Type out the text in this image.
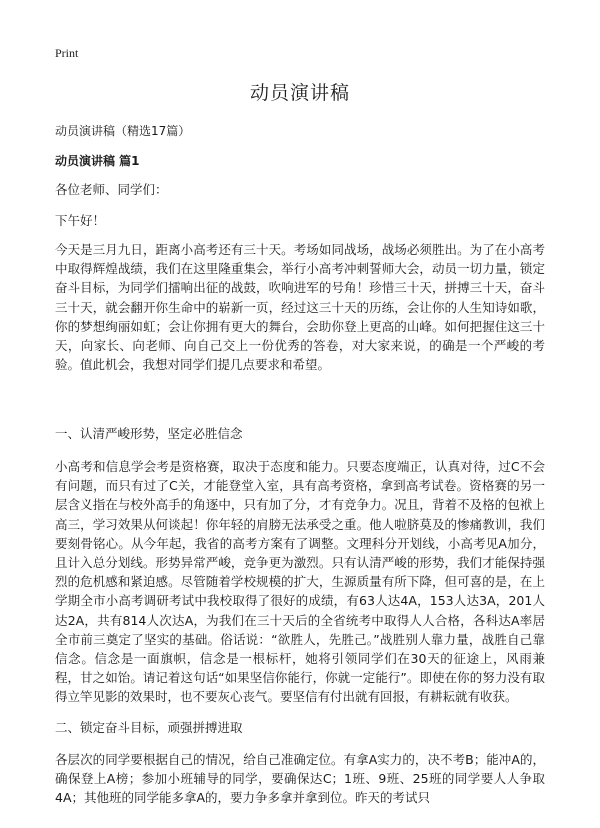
Print
动员演讲稿
动员演讲稿（精选17篇）
动员演讲稿 篇1
各位老师、同学们：
下午好！

今天是三月九日，距离小高考还有三十天。考场如同战场，战场必须胜出。为了在小高考中取得辉煌战绩，我们在这里隆重集会，举行小高考冲刺誓师大会，动员一切力量，锁定奋斗目标，为同学们擂响出征的战鼓，吹响进军的号角！珍惜三十天，拼搏三十天，奋斗三十天，就会翻开你生命中的崭新一页，经过这三十天的历练，会让你的人生知诗如歌，你的梦想绚丽如虹；会让你拥有更大的舞台，会助你登上更高的山峰。如何把握住这三十天，向家长、向老师、向自己交上一份优秀的答卷，对大家来说，的确是一个严峻的考验。值此机会，我想对同学们提几点要求和希望。

一、认清严峻形势，坚定必胜信念

小高考和信息学会考是资格赛，取决于态度和能力。只要态度端正，认真对待，过C不会有问题，而只有过了C关，才能登堂入室，具有高考资格，拿到高考试卷。资格赛的另一层含义指在与校外高手的角逐中，只有加了分，才有竞争力。况且，背着不及格的包袱上高三，学习效果从何谈起！你年轻的肩膀无法承受之重。他人啦脐莫及的惨痛教训，我们要刻骨铭心。从今年起，我省的高考方案有了调整。文理科分开划线，小高考见A加分，且计入总分划线。形势异常严峻，竞争更为激烈。只有认清严峻的形势，我们才能保持强烈的危机感和紧迫感。尽管随着学校规模的扩大，生源质量有所下降，但可喜的是，在上学期全市小高考调研考试中我校取得了很好的成绩，有63人达4A，153人达3A，201人达2A，共有814人次达A，为我们在三十天后的全省统考中取得人人合格，各科达A率居全市前三奠定了坚实的基础。俗话说：“欲胜人，先胜己。”战胜别人靠力量，战胜自己靠信念。信念是一面旗帜，信念是一根标杆，她将引领同学们在30天的征途上，风雨兼程，甘之如饴。请记着这句话“如果坚信你能行，你就一定能行”。即使在你的努力没有取得立竿见影的效果时，也不要灰心丧气。要坚信有付出就有回报，有耕耘就有收获。

二、锁定奋斗目标，顽强拼搏进取

各层次的同学要根据自己的情况，给自己准确定位。有拿A实力的，决不考B；能冲A的，确保登上A榜；参加小班辅导的同学，要确保达C；1班、9班、25班的同学要人人争取4A；其他班的同学能多拿A的，要力争多拿并拿到位。昨天的考试只
